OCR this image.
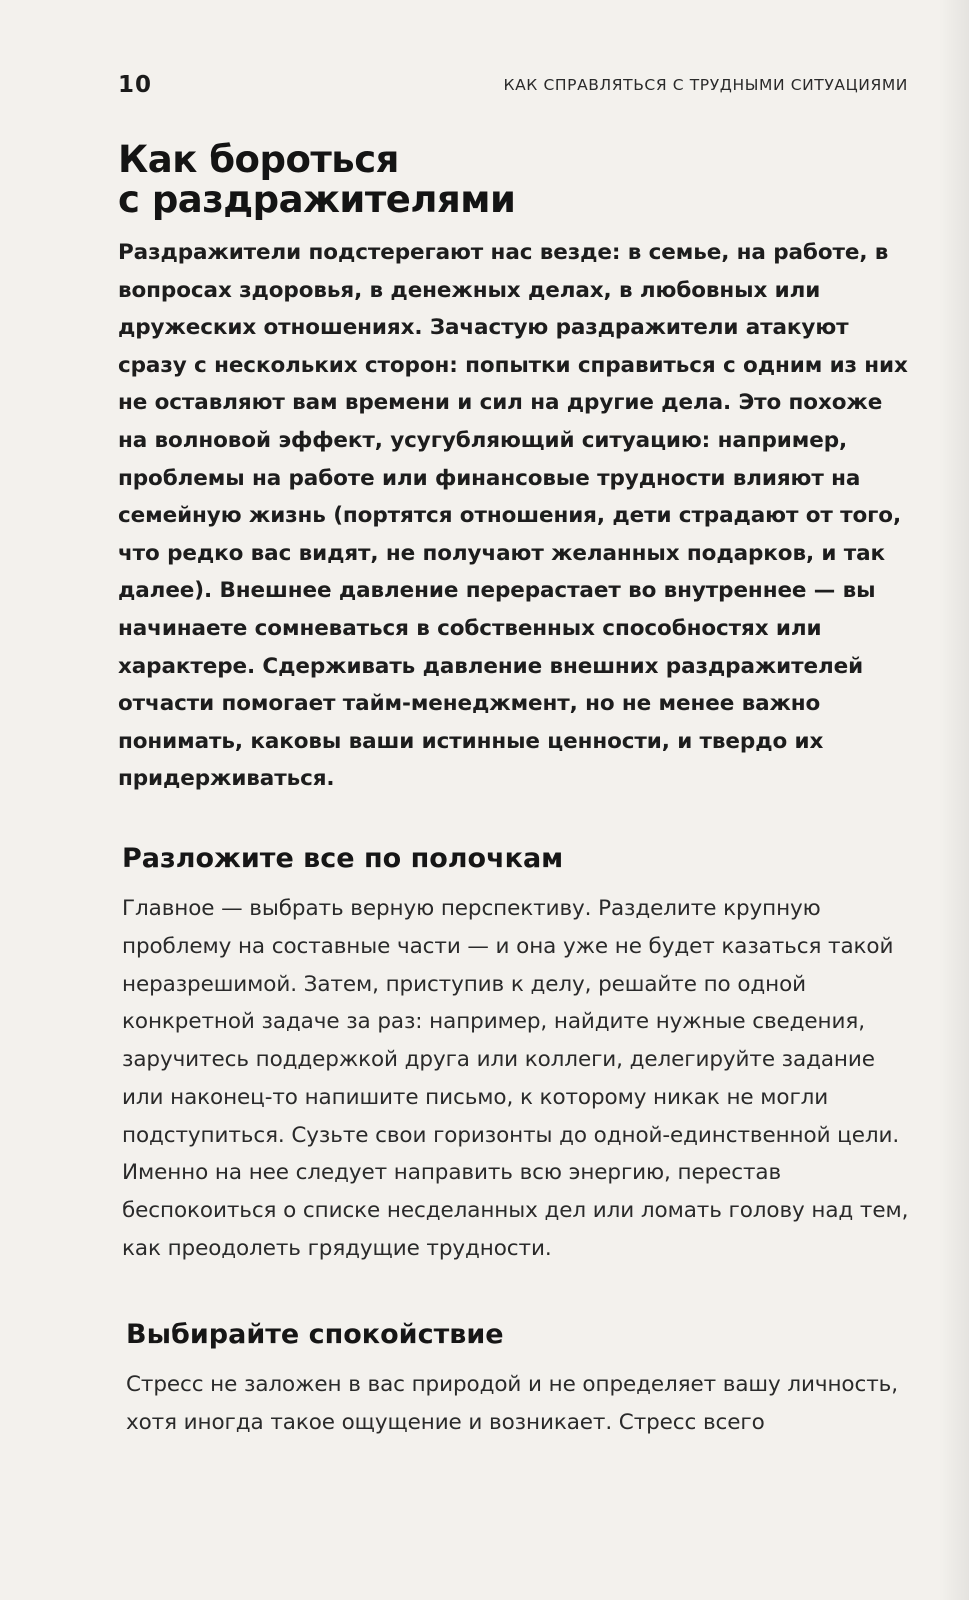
10	КАК СПРАВЛЯТЬСЯ С ТРУДНЫМИ СИТУАЦИЯМИ
Как бороться
с раздражителями

Раздражители подстерегают нас везде: в семье, на работе, в вопросах здоровья, в денежных делах, в любовных или дружеских отношениях. Зачастую раздражители атакуют сразу с нескольких сторон: попытки справиться с одним из них не оставляют вам времени и сил на другие дела. Это похоже на волновой эффект, усугубляющий ситуацию: например, проблемы на работе или финансовые трудности влияют на семейную жизнь (портятся отношения, дети страдают от того, что редко вас видят, не получают желанных подарков, и так далее). Внешнее давление перерастает во внутреннее — вы начинаете сомневаться в собственных способностях или характере. Сдерживать давление внешних раздражителей отчасти помогает тайм-менеджмент, но не менее важно понимать, каковы ваши истинные ценности, и твердо их придерживаться.

Разложите все по полочкам

Главное — выбрать верную перспективу. Разделите крупную проблему на составные части — и она уже не будет казаться такой неразрешимой. Затем, приступив к делу, решайте по одной конкретной задаче за раз: например, найдите нужные сведения, заручитесь поддержкой друга или коллеги, делегируйте задание или наконец-то напишите письмо, к которому никак не могли подступиться. Сузьте свои горизонты до одной-единственной цели. Именно на нее следует направить всю энергию, перестав беспокоиться о списке несделанных дел или ломать голову над тем, как преодолеть грядущие трудности.

Выбирайте спокойствие

Стресс не заложен в вас природой и не определяет вашу личность, хотя иногда такое ощущение и возникает. Стресс всего
